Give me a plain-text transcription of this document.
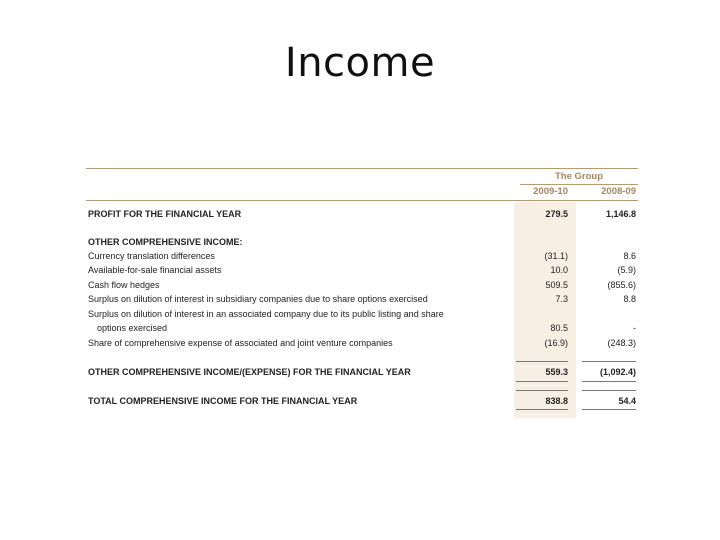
Income
The Group
2009-10	2008-09
PROFIT FOR THE FINANCIAL YEAR	279.5	1,146.8
OTHER COMPREHENSIVE INCOME:
Currency translation differences	(31.1)	8.6
Available-for-sale financial assets	10.0	(5.9)
Cash flow hedges	509.5	(855.6)
Surplus on dilution of interest in subsidiary companies due to share options exercised	7.3	8.8
Surplus on dilution of interest in an associated company due to its public listing and share
options exercised	80.5	-
Share of comprehensive expense of associated and joint venture companies	(16.9)	(248.3)
OTHER COMPREHENSIVE INCOME/(EXPENSE) FOR THE FINANCIAL YEAR	559.3	(1,092.4)
TOTAL COMPREHENSIVE INCOME FOR THE FINANCIAL YEAR	838.8	54.4
